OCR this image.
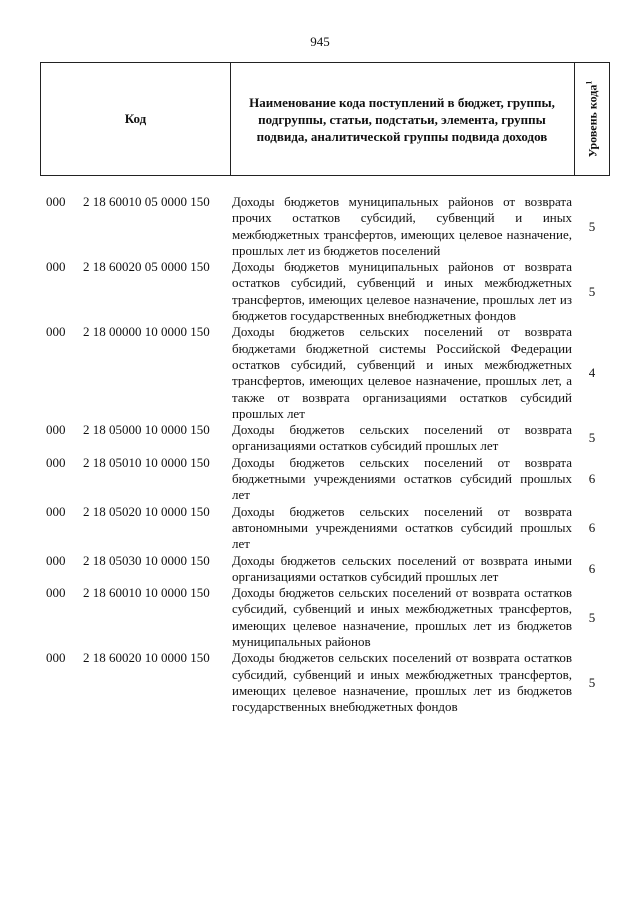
945
Код
Наименование кода поступлений в бюджет, группы, подгруппы, статьи, подстатьи, элемента, группы подвида, аналитической группы подвида доходов	Уровень кода$^1$
000 2 18 60010 05 0000 150 Доходы бюджетов муниципальных районов от возврата прочих остатков субсидий, субвенций и иных межбюджетных трансфертов, имеющих целевое назначение, прошлых лет из бюджетов поселений
5
000 2 18 60020 05 0000 150 Доходы бюджетов муниципальных районов от возврата остатков субсидий, субвенций и иных межбюджетных трансфертов, имеющих целевое назначение, прошлых лет из бюджетов государственных внебюджетных фондов
5
000 2 18 00000 10 0000 150 Доходы бюджетов сельских поселений от возврата бюджетами бюджетной системы Российской Федерации остатков субсидий, субвенций и иных межбюджетных трансфертов, имеющих целевое назначение, прошлых лет, а также от возврата организациями остатков субсидий прошлых лет
4
000 2 18 05000 10 0000 150 Доходы бюджетов сельских поселений от возврата организациями остатков субсидий прошлых лет
5
000 2 18 05010 10 0000 150 Доходы бюджетов сельских поселений от возврата бюджетными учреждениями остатков субсидий прошлых лет
6
000 2 18 05020 10 0000 150 Доходы бюджетов сельских поселений от возврата автономными учреждениями остатков субсидий прошлых лет
6
000 2 18 05030 10 0000 150 Доходы бюджетов сельских поселений от возврата иными организациями остатков субсидий прошлых лет
6
000 2 18 60010 10 0000 150 Доходы бюджетов сельских поселений от возврата остатков субсидий, субвенций и иных межбюджетных трансфертов, имеющих целевое назначение, прошлых лет из бюджетов муниципальных районов
5
000 2 18 60020 10 0000 150 Доходы бюджетов сельских поселений от возврата остатков субсидий, субвенций и иных межбюджетных трансфертов, имеющих целевое назначение, прошлых лет из бюджетов государственных внебюджетных фондов
5
